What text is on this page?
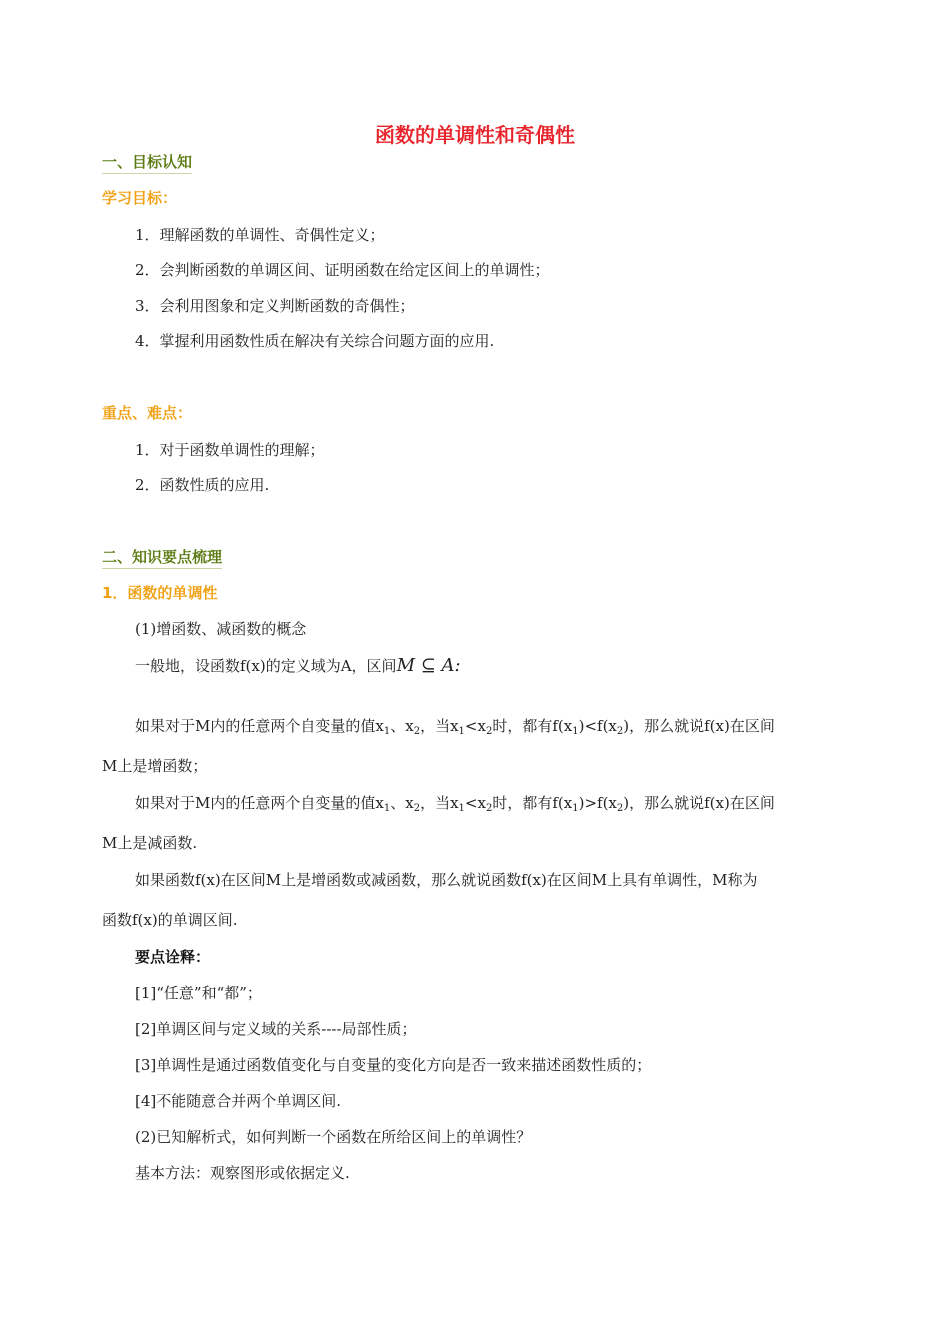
函数的单调性和奇偶性
一、目标认知
学习目标：
1．理解函数的单调性、奇偶性定义；
2．会判断函数的单调区间、证明函数在给定区间上的单调性；
3．会利用图象和定义判断函数的奇偶性；
4．掌握利用函数性质在解决有关综合问题方面的应用.
重点、难点：
1．对于函数单调性的理解；
2．函数性质的应用.
二、知识要点梳理
1．函数的单调性
(1)增函数、减函数的概念
一般地，设函数f(x)的定义域为A，区间M ⊆ A:
如果对于M内的任意两个自变量的值$x_1$、$x_2$，当$x_1<x_2$时，都有$f(x_1)<f(x_2)$，那么就说f(x)在区间
M上是增函数；
如果对于M内的任意两个自变量的值$x_1$、$x_2$，当$x_1<x_2$时，都有$f(x_1)>f(x_2)$，那么就说f(x)在区间
M上是减函数.
如果函数f(x)在区间M上是增函数或减函数，那么就说函数f(x)在区间M上具有单调性，M称为
函数f(x)的单调区间.
要点诠释：
[1]“任意”和“都”；
[2]单调区间与定义域的关系----局部性质；
[3]单调性是通过函数值变化与自变量的变化方向是否一致来描述函数性质的；
[4]不能随意合并两个单调区间.
(2)已知解析式，如何判断一个函数在所给区间上的单调性？
基本方法：观察图形或依据定义.
